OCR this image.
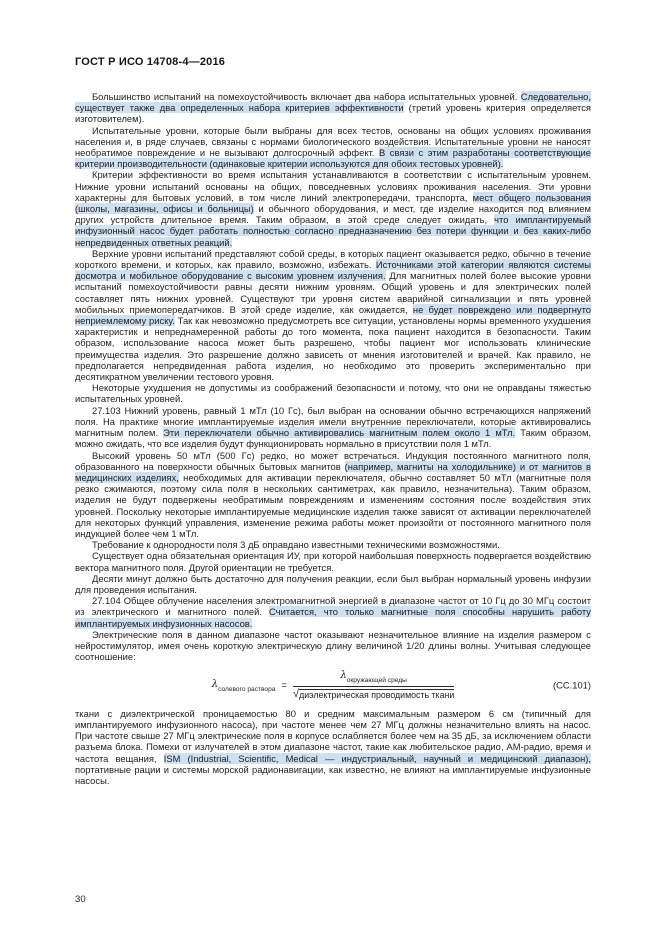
ГОСТ Р ИСО 14708-4—2016

Большинство испытаний на помехоустойчивость включает два набора испытательных уровней. Следовательно, существует также два определенных набора критериев эффективности (третий уровень критерия определяется изготовителем).

Испытательные уровни, которые были выбраны для всех тестов, основаны на общих условиях проживания населения и, в ряде случаев, связаны с нормами биологического воздействия. Испытательные уровни не наносят необратимое повреждение и не вызывают долгосрочный эффект. В связи с этим разработаны соответствующие критерии производительности (одинаковые критерии используются для обоих тестовых уровней).

Критерии эффективности во время испытания устанавливаются в соответствии с испытательным уровнем. Нижние уровни испытаний основаны на общих, повседневных условиях проживания населения. Эти уровни характерны для бытовых условий, в том числе линий электропередачи, транспорта, мест общего пользования (школы, магазины, офисы и больницы) и обычного оборудования, и мест, где изделие находится под влиянием других устройств длительное время. Таким образом, в этой среде следует ожидать, что имплантируемый инфузионный насос будет работать полностью согласно предназначению без потери функции и без каких-либо непредвиденных ответных реакций.

Верхние уровни испытаний представляют собой среды, в которых пациент оказывается редко, обычно в течение короткого времени, и которых, как правило, возможно, избежать. Источниками этой категории являются системы досмотра и мобильное оборудование с высоким уровнем излучения. Для магнитных полей более высокие уровни испытаний помехоустойчивости равны десяти нижним уровням. Общий уровень и для электрических полей составляет пять нижних уровней. Существуют три уровня систем аварийной сигнализации и пять уровней мобильных приемопередатчиков. В этой среде изделие, как ожидается, не будет повреждено или подвергнуто неприемлемому риску. Так как невозможно предусмотреть все ситуации, установлены нормы временного ухудшения характеристик и непреднамеренной работы до того момента, пока пациент находится в безопасности. Таким образом, использование насоса может быть разрешено, чтобы пациент мог использовать клинические преимущества изделия. Это разрешение должно зависеть от мнения изготовителей и врачей. Как правило, не предполагается непредвиденная работа изделия, но необходимо это проверить экспериментально при десятикратном увеличении тестового уровня.

Некоторые ухудшения не допустимы из соображений безопасности и потому, что они не оправданы тяжестью испытательных уровней.

27.103 Нижний уровень, равный 1 мТл (10 Гс), был выбран на основании обычно встречающихся напряжений поля. На практике многие имплантируемые изделия имели внутренние переключатели, которые активировались магнитным полем. Эти переключатели обычно активировались магнитным полем около 1 мТл. Таким образом, можно ожидать, что все изделия будут функционировать нормально в присутствии поля 1 мТл.

Высокий уровень 50 мТл (500 Гс) редко, но может встречаться. Индукция постоянного магнитного поля, образованного на поверхности обычных бытовых магнитов (например, магниты на холодильнике) и от магнитов в медицинских изделиях, необходимых для активации переключателя, обычно составляет 50 мТл (магнитные поля резко сжимаются, поэтому сила поля в нескольких сантиметрах, как правило, незначительна). Таким образом, изделия не будут подвержены необратимым повреждениям и изменениям состояния после воздействия этих уровней. Поскольку некоторые имплантируемые медицинские изделия также зависят от активации переключателей для некоторых функций управления, изменение режима работы может произойти от постоянного магнитного поля индукцией более чем 1 мТл.

Требование к однородности поля 3 дБ оправдано известными техническими возможностями.

Существует одна обязательная ориентация ИУ, при которой наибольшая поверхность подвергается воздействию вектора магнитного поля. Другой ориентации не требуется.

Десяти минут должно быть достаточно для получения реакции, если был выбран нормальный уровень инфузии для проведения испытания.

27.104 Общее облучение населения электромагнитной энергией в диапазоне частот от 10 Гц до 30 МГц состоит из электрического и магнитного полей. Считается, что только магнитные поля способны нарушить работу имплантируемых инфузионных насосов.

Электрические поля в данном диапазоне частот оказывают незначительное влияние на изделия размером с нейростимулятор, имея очень короткую электрическую длину величиной 1/20 длины волны. Учитывая следующее соотношение:

$\lambda_{солевого раствора} = \frac{\lambda_{окружающей среды}}{\text{√диэлектрическая проводимость ткани}}$	(СС.101)

ткани с диэлектрической проницаемостью 80 и средним максимальным размером 6 см (типичный для имплантируемого инфузионного насоса), при частоте менее чем 27 МГц должны незначительно влиять на насос. При частоте свыше 27 МГц электрические поля в корпусе ослабляется более чем на 35 дБ, за исключением области разъема блока. Помехи от излучателей в этом диапазоне частот, такие как любительское радио, АМ-радио, время и частота вещания, ISM (Industrial, Scientific, Medical — индустриальный, научный и медицинский диапазон), портативные рации и системы морской радионавигации, как известно, не влияют на имплантируемые инфузионные насосы.

30
